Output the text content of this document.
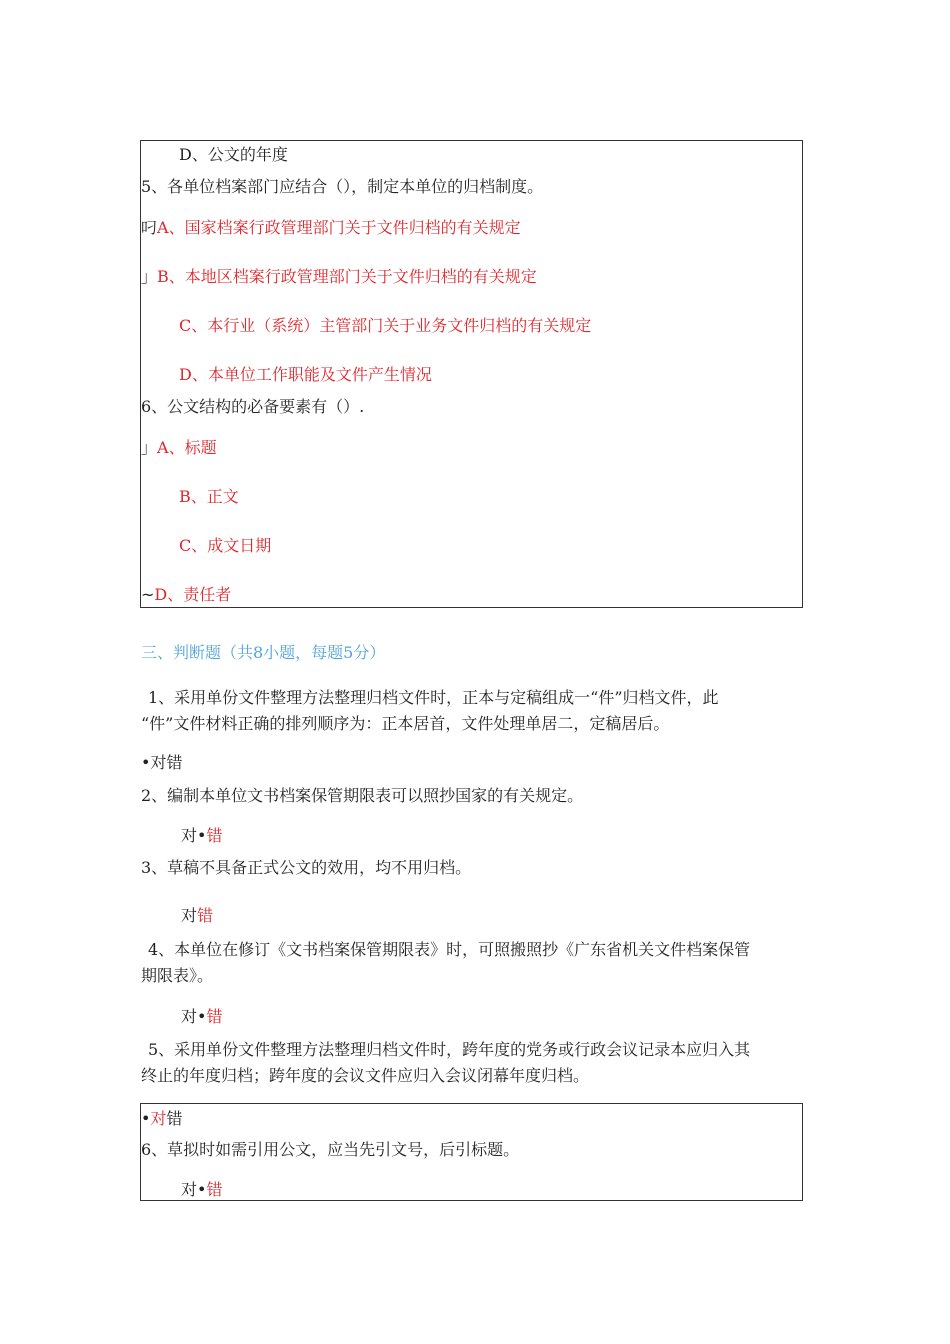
D、公文的年度
5、各单位档案部门应结合（），制定本单位的归档制度。
叼A、国家档案行政管理部门关于文件归档的有关规定
」B、本地区档案行政管理部门关于文件归档的有关规定
C、本行业（系统）主管部门关于业务文件归档的有关规定
D、本单位工作职能及文件产生情况
6、公文结构的必备要素有（）.
」A、标题
B、正文
C、成文日期
~D、责任者
三、判断题（共8小题，每题5分）
1、采用单份文件整理方法整理归档文件时，正本与定稿组成一“件”归档文件，此
“件”文件材料正确的排列顺序为：正本居首，文件处理单居二，定稿居后。
•对错
2、编制本单位文书档案保管期限表可以照抄国家的有关规定。
对•错
3、草稿不具备正式公文的效用，均不用归档。
对错
4、本单位在修订《文书档案保管期限表》时，可照搬照抄《广东省机关文件档案保管
期限表》。
对•错
5、采用单份文件整理方法整理归档文件时，跨年度的党务或行政会议记录本应归入其
终止的年度归档；跨年度的会议文件应归入会议闭幕年度归档。
•对错
6、草拟时如需引用公文，应当先引文号，后引标题。
对•错
